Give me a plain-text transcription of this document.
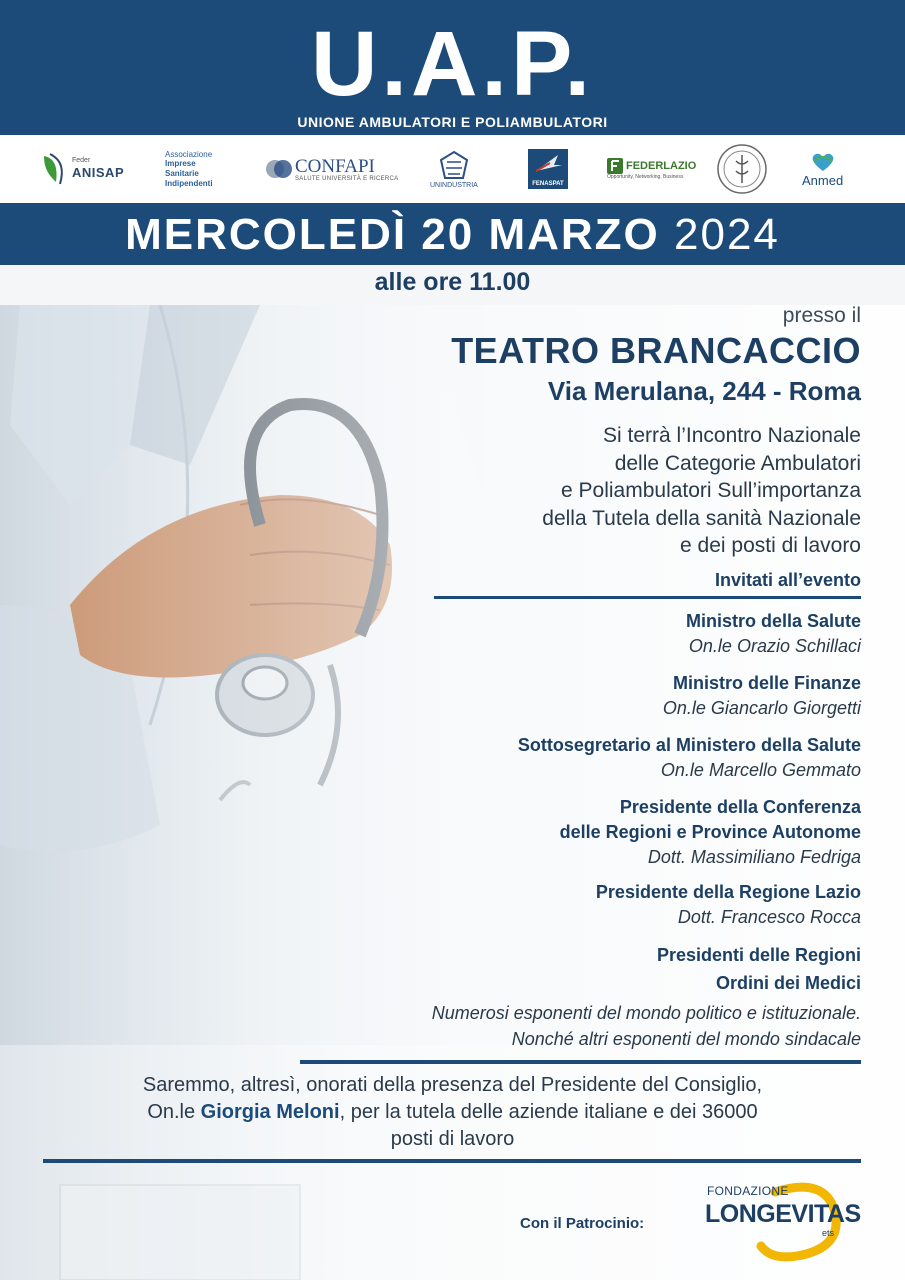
U.A.P.
UNIONE AMBULATORI E POLIAMBULATORI
Feder
ANISAP
Associazione
Imprese
Sanitarie
Indipendenti
CONFAPI
SALUTE UNIVERSITÀ E RICERCA
UNINDUSTRIA	FENASPAT
FEDERLAZIO
Opportunity, Networking, Business	Anmed
MERCOLEDÌ 20 MARZO 2024
alle ore 11.00
presso il
TEATRO BRANCACCIO
Via Merulana, 244 - Roma
Si terrà l’Incontro Nazionale
delle Categorie Ambulatori
e Poliambulatori Sull’importanza
della Tutela della sanità Nazionale
e dei posti di lavoro
Invitati all’evento
Ministro della Salute
On.le Orazio Schillaci
Ministro delle Finanze
On.le Giancarlo Giorgetti
Sottosegretario al Ministero della Salute
On.le Marcello Gemmato
Presidente della Conferenza
delle Regioni e Province Autonome
Dott. Massimiliano Fedriga
Presidente della Regione Lazio
Dott. Francesco Rocca
Presidenti delle Regioni
Ordini dei Medici
Numerosi esponenti del mondo politico e istituzionale.
Nonché altri esponenti del mondo sindacale
Saremmo, altresì, onorati della presenza del Presidente del Consiglio,
On.le Giorgia Meloni, per la tutela delle aziende italiane e dei 36000
posti di lavoro
Con il Patrocinio:
FONDAZIONE
LONGEVITAS
ets
